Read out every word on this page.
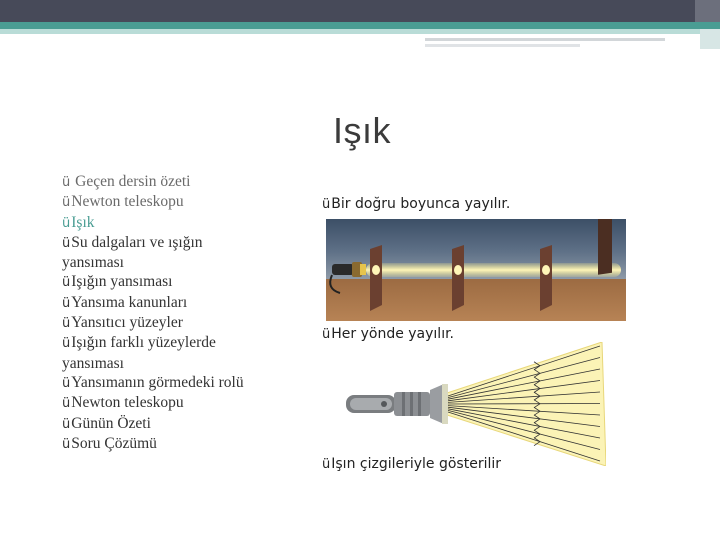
Işık
ü Geçen dersin özeti
üNewton teleskopu
üIşık
üSu dalgaları ve ışığın yansıması
üIşığın yansıması
üYansıma kanunları
üYansıtıcı yüzeyler
üIşığın farklı yüzeylerde yansıması
üYansımanın görmedeki rolü
üNewton teleskopu
üGünün Özeti
üSoru Çözümü
üBir doğru boyunca yayılır.
üHer yönde yayılır.
üIşın çizgileriyle gösterilir
